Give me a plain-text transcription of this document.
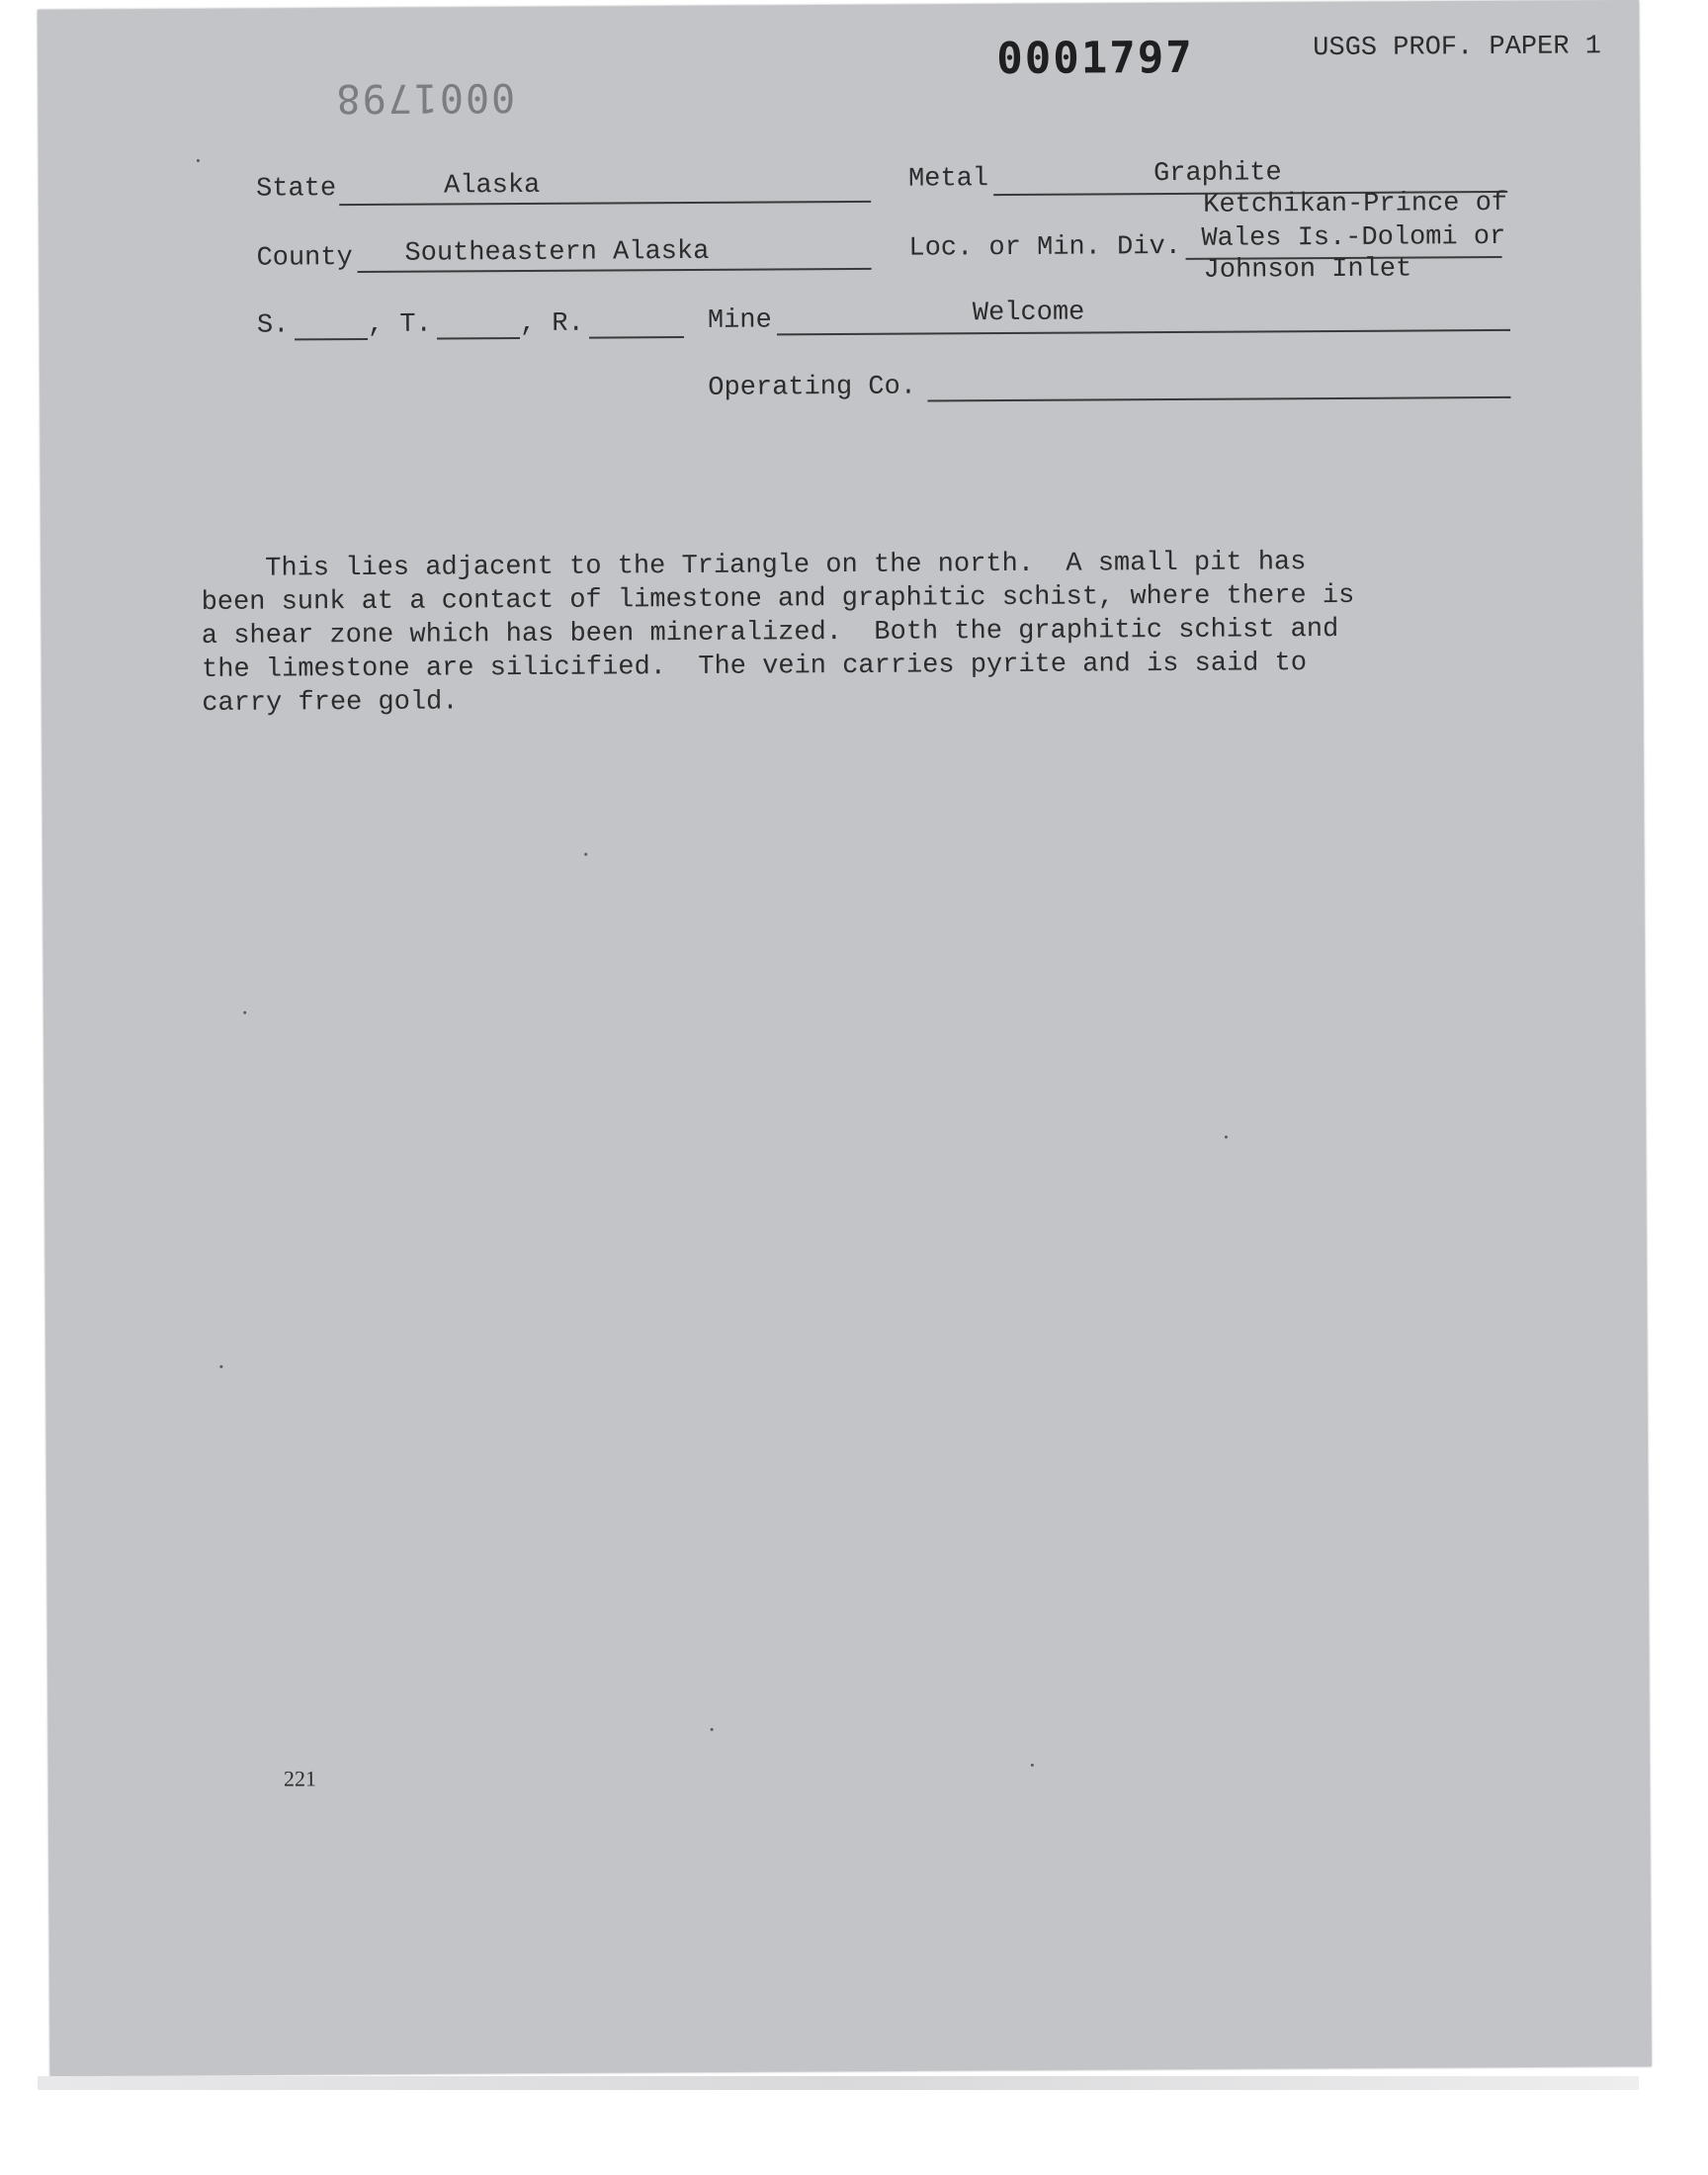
0001798
0001797	USGS PROF. PAPER 1
State	Alaska	Metal	Graphite
County Southeastern Alaska	Loc. or Min. Div.
Ketchikan-Prince of
Wales Is.-Dolomi or
Johnson Inlet
S.	, T.	, R.	Mine	Welcome
Operating Co.
This lies adjacent to the Triangle on the north.  A small pit has
been sunk at a contact of limestone and graphitic schist, where there is
a shear zone which has been mineralized.  Both the graphitic schist and
the limestone are silicified.  The vein carries pyrite and is said to
carry free gold.
221
